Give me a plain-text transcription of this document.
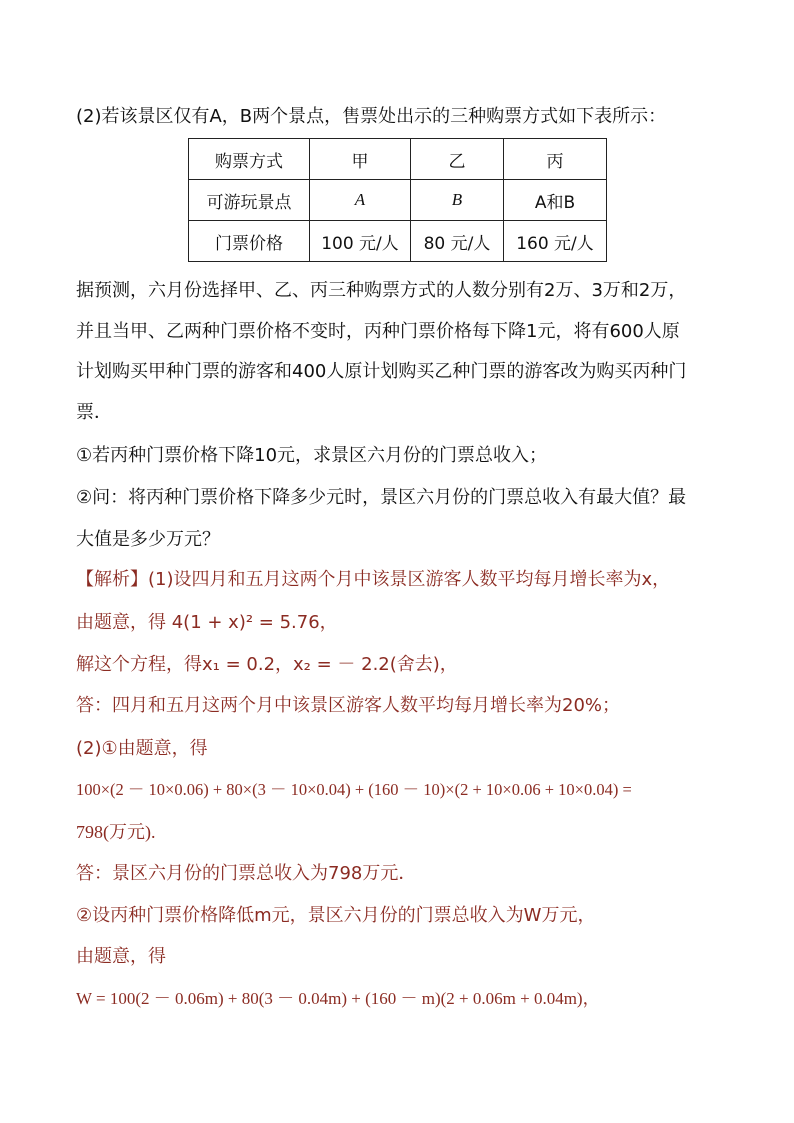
(2)若该景区仅有A，B两个景点，售票处出示的三种购票方式如下表所示：
购票方式	甲	乙	丙
可游玩景点	A	B	A和B
门票价格	100 元/人	80 元/人	160 元/人
据预测，六月份选择甲、乙、丙三种购票方式的人数分别有2万、3万和2万，
并且当甲、乙两种门票价格不变时，丙种门票价格每下降1元，将有600人原
计划购买甲种门票的游客和400人原计划购买乙种门票的游客改为购买丙种门
票．
①若丙种门票价格下降10元，求景区六月份的门票总收入；
②问：将丙种门票价格下降多少元时，景区六月份的门票总收入有最大值？最
大值是多少万元？
【解析】(1)设四月和五月这两个月中该景区游客人数平均每月增长率为x，
由题意，得 4(1 + x)² = 5.76，
解这个方程，得x₁ = 0.2，x₂ = － 2.2(舍去)，
答：四月和五月这两个月中该景区游客人数平均每月增长率为20%；
(2)①由题意，得
100×(2 － 10×0.06) + 80×(3 － 10×0.04) + (160 － 10)×(2 + 10×0.06 + 10×0.04) =
798(万元).
答：景区六月份的门票总收入为798万元．
②设丙种门票价格降低m元，景区六月份的门票总收入为W万元，
由题意，得
W = 100(2 － 0.06m) + 80(3 － 0.04m) + (160 － m)(2 + 0.06m + 0.04m)，
